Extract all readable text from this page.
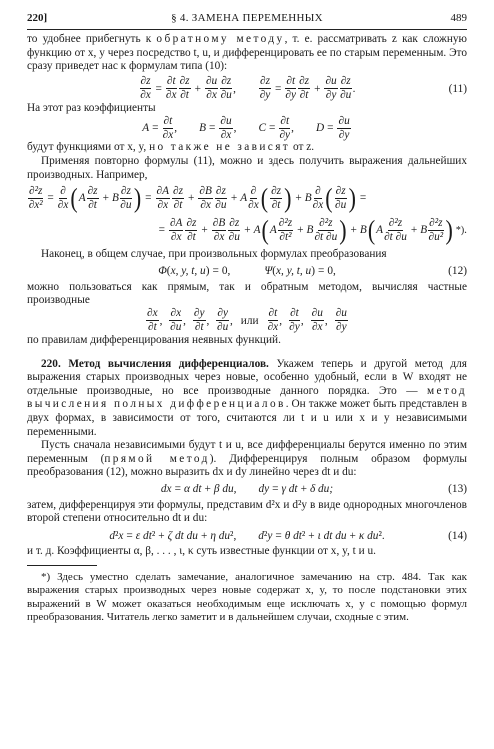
220]	§ 4. ЗАМЕНА ПЕРЕМЕННЫХ	489

то удобнее прибегнуть к обратному методу, т. е. рассматривать z как сложную функцию от x, y через посредство t, u, и дифференцировать ее по старым переменным. Это сразу приведет нас к формулам типа (10):

$\frac{\partial z}{\partial x} = \frac{\partial t}{\partial x} \frac{\partial z}{\partial t} + \frac{\partial u}{\partial x} \frac{\partial z}{\partial u}$ , $\frac{\partial z}{\partial y} = \frac{\partial t}{\partial y} \frac{\partial z}{\partial t} + \frac{\partial u}{\partial y} \frac{\partial z}{\partial u}$ .	(11)

На этот раз коэффициенты

$A = \frac{\partial t}{\partial x}$ , $B = \frac{\partial u}{\partial x}$ , $C = \frac{\partial t}{\partial y}$ , $D = \frac{\partial u}{\partial y}$

будут функциями от x, y, но также не зависят от z.

Применяя повторно формулы (11), можно и здесь получить выражения дальнейших производных. Например,

$\frac{\text{∂²z}}{\text{∂x²}} = \frac{\partial}{\partial x}$ ( A $\frac{\partial z}{\partial t} + B \frac{\partial z}{\partial u}$ ) = $\frac{\partial A}{\partial x} \frac{\partial z}{\partial t} + \frac{\partial B}{\partial x} \frac{\partial z}{\partial u} + A \frac{\partial}{\partial x}$ ( $\frac{\partial z}{\partial t}$ ) + B $\frac{\partial}{\partial x}$ ( $\frac{\partial z}{\partial u}$ ) =
= $\frac{\partial A}{\partial x} \frac{\partial z}{\partial t} + \frac{\partial B}{\partial x} \frac{\partial z}{\partial u} + A$ ( A $\frac{\text{∂²z}}{\text{∂t²}} + B \frac{\text{∂²z}}{\partial t \partial u}$ ) + B ( A $\frac{\text{∂²z}}{\partial t \partial u} + B \frac{\text{∂²z}}{\text{∂u²}}$ ) *) .

Наконец, в общем случае, при произвольных формулах преобразования

Φ ( x, y, t, u ) = 0,	Ψ ( x, y, t, u ) = 0,	(12)

можно пользоваться как прямым, так и обратным методом, вычисляя частные производные

$\frac{\partial x}{\partial t}$ , $\frac{\partial x}{\partial u}$ , $\frac{\partial y}{\partial t}$ , $\frac{\partial y}{\partial u}$ , или $\frac{\partial t}{\partial x}$ , $\frac{\partial t}{\partial y}$ , $\frac{\partial u}{\partial x}$ , $\frac{\partial u}{\partial y}$

по правилам дифференцирования неявных функций.

220. Метод вычисления дифференциалов. Укажем теперь и другой метод для выражения старых производных через новые, особенно удобный, если в W входят не отдельные производные, но все производные данного порядка. Это — метод вычисления полных дифференциалов. Он также может быть представлен в двух формах, в зависимости от того, считаются ли t и u или x и y независимыми переменными.

Пусть сначала независимыми будут t и u, все дифференциалы берутся именно по этим переменным (прямой метод). Дифференцируя полным образом формулы преобразования (12), можно выразить dx и dy линейно через dt и du:

dx = α dt + β du, dy = γ dt + δ du;	(13)

затем, дифференцируя эти формулы, представим d²x и d²y в виде однородных многочленов второй степени относительно dt и du:

d ² x = ε dt ² + ζ dt du + η du ² , d ² y = θ dt ² + ι dt du + κ du ² .	(14)

и т. д. Коэффициенты α, β, . . . , ι, κ суть известные функции от x, y, t и u.

*) Здесь уместно сделать замечание, аналогичное замечанию на стр. 484. Так как выражения старых производных через новые содержат x, y, то после подстановки этих выражений в W может оказаться необходимым еще исключать x, y с помощью формул преобразования. Читатель легко заметит и в дальнейшем случаи, сходные с этим.
